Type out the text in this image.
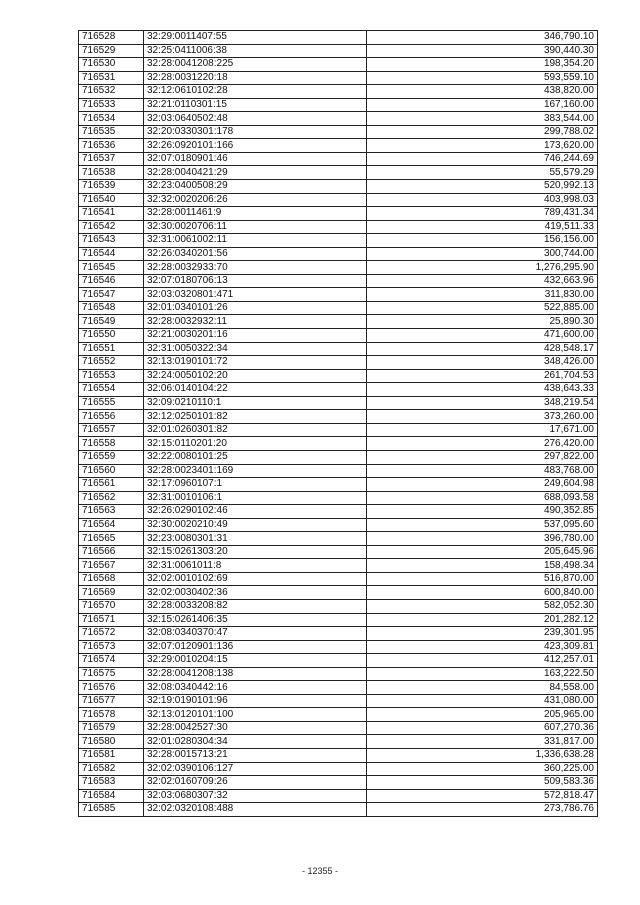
716528	32:29:0011407:55	346,790.10
716529	32:25:0411006:38	390,440.30
716530	32:28:0041208:225	198,354.20
716531	32:28:0031220:18	593,559.10
716532	32:12:0610102:28	438,820.00
716533	32:21:0110301:15	167,160.00
716534	32:03:0640502:48	383,544.00
716535	32:20:0330301:178	299,788.02
716536	32:26:0920101:166	173,620.00
716537	32:07:0180901:46	746,244.69
716538	32:28:0040421:29	55,579.29
716539	32:23:0400508:29	520,992.13
716540	32:32:0020206:26	403,998.03
716541	32:28:0011461:9	789,431.34
716542	32:30:0020706:11	419,511.33
716543	32:31:0061002:11	156,156.00
716544	32:26:0340201:56	300,744.00
716545	32:28:0032933:70	1,276,295.90
716546	32:07:0180706:13	432,663.96
716547	32:03:0320801:471	311,830.00
716548	32:01:0340101:26	522,885.00
716549	32:28:0032932:11	25,890.30
716550	32:21:0030201:16	471,600.00
716551	32:31:0050322:34	428,548.17
716552	32:13:0190101:72	348,426.00
716553	32:24:0050102:20	261,704.53
716554	32:06:0140104:22	438,643.33
716555	32:09:0210110:1	348,219.54
716556	32:12:0250101:82	373,260.00
716557	32:01:0260301:82	17,671.00
716558	32:15:0110201:20	276,420.00
716559	32:22:0080101:25	297,822.00
716560	32:28:0023401:169	483,768.00
716561	32:17:0960107:1	249,604.98
716562	32:31:0010106:1	688,093.58
716563	32:26:0290102:46	490,352.85
716564	32:30:0020210:49	537,095.60
716565	32:23:0080301:31	396,780.00
716566	32:15:0261303:20	205,645.96
716567	32:31:0061011:8	158,498.34
716568	32:02:0010102:69	516,870.00
716569	32:02:0030402:36	600,840.00
716570	32:28:0033208:82	582,052.30
716571	32:15:0261406:35	201,282.12
716572	32:08:0340370:47	239,301.95
716573	32:07:0120901:136	423,309.81
716574	32:29:0010204:15	412,257.01
716575	32:28:0041208:138	163,222.50
716576	32:08:0340442:16	84,558.00
716577	32:19:0190101:96	431,080.00
716578	32:13:0120101:100	205,965.00
716579	32:28:0042527:30	607,270.36
716580	32:01:0280304:34	331,817.00
716581	32:28:0015713:21	1,336,638.28
716582	32:02:0390106:127	360,225.00
716583	32:02:0160709:26	509,583.36
716584	32:03:0680307:32	572,818.47
716585	32:02:0320108:488	273,786.76
- 12355 -
